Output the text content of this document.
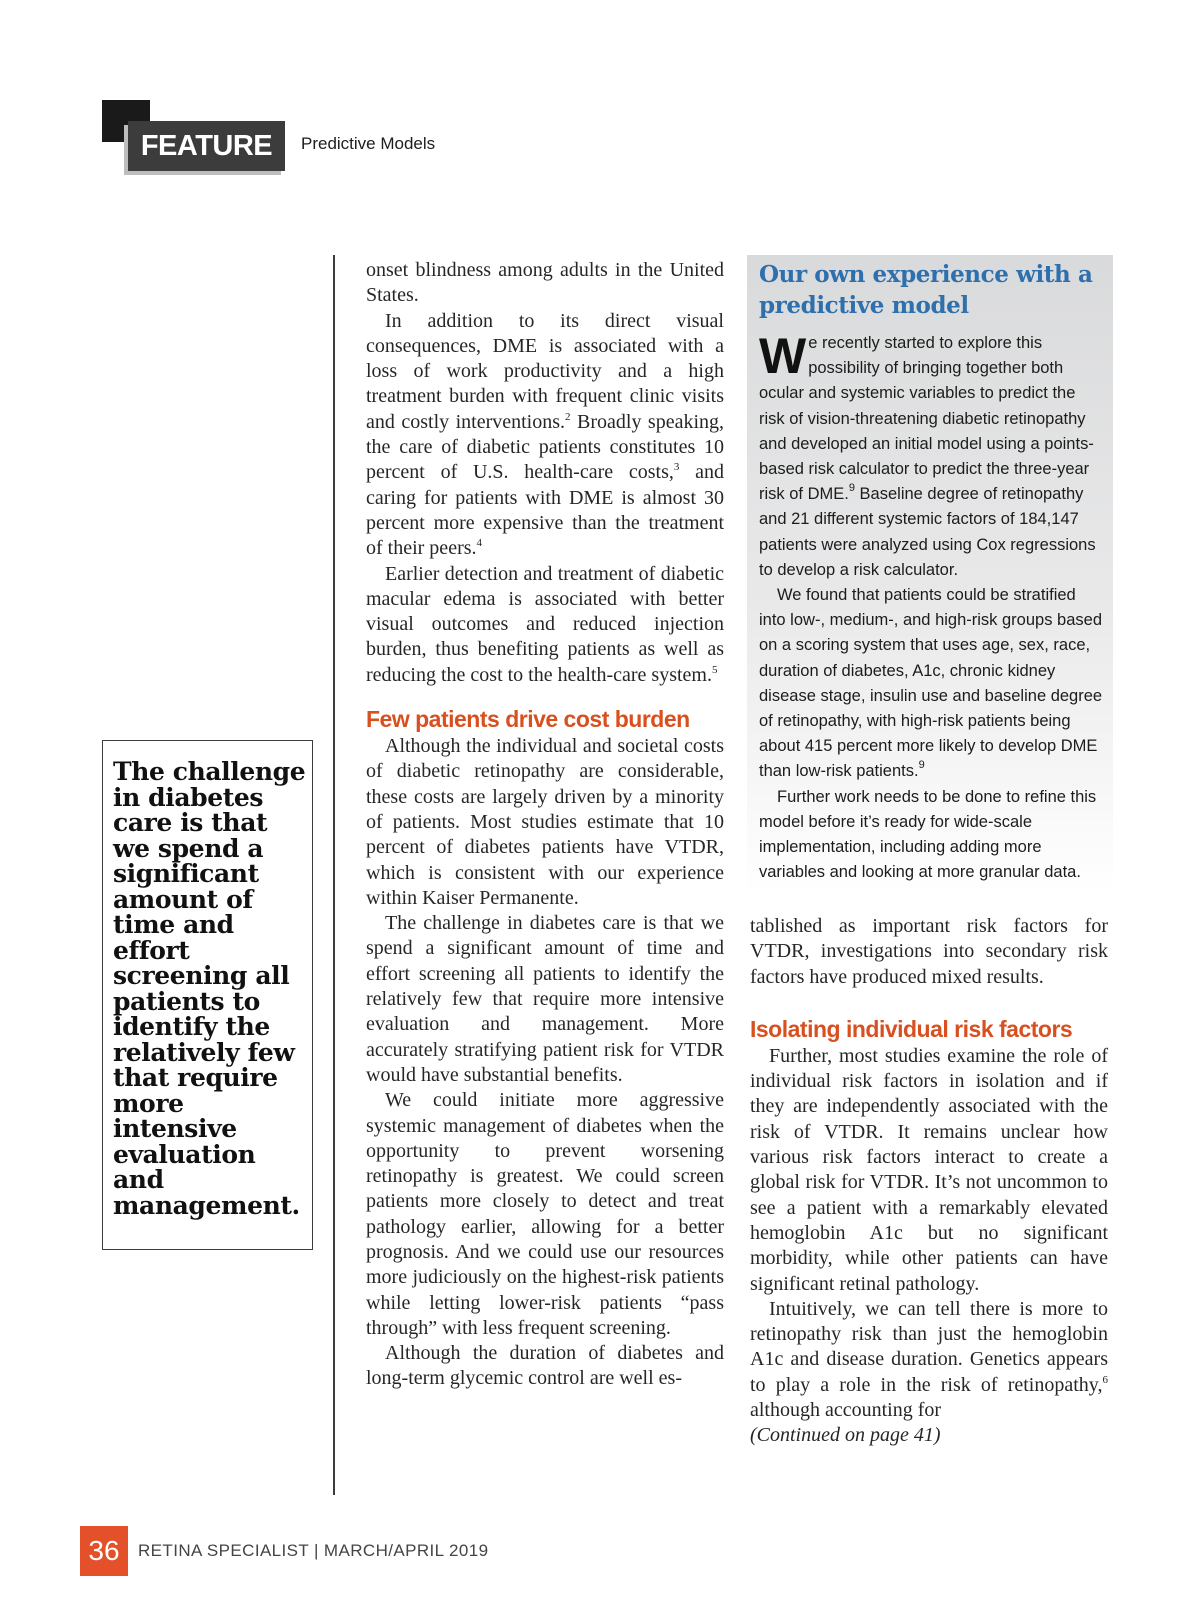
FEATURE	Predictive Models

The challenge in diabetes care is that we spend a significant amount of time and effort screening all patients to identify the relatively few that require more intensive evaluation and management.

onset blindness among adults in the United States.

In addition to its direct visual consequences, DME is associated with a loss of work productivity and a high treatment burden with frequent clinic visits and costly interventions.$^2$ Broadly speaking, the care of diabetic patients constitutes 10 percent of U.S. health-care costs,$^3$ and caring for patients with DME is almost 30 percent more expensive than the treatment of their peers.$^4$

Earlier detection and treatment of diabetic macular edema is associated with better visual outcomes and reduced injection burden, thus benefiting patients as well as reducing the cost to the health-care system.$^5$

Few patients drive cost burden

Although the individual and societal costs of diabetic retinopathy are considerable, these costs are largely driven by a minority of patients. Most studies estimate that 10 percent of diabetes patients have VTDR, which is consistent with our experience within Kaiser Permanente.

The challenge in diabetes care is that we spend a significant amount of time and effort screening all patients to identify the relatively few that require more intensive evaluation and management. More accurately stratifying patient risk for VTDR would have substantial benefits.

We could initiate more aggressive systemic management of diabetes when the opportunity to prevent worsening retinopathy is greatest. We could screen patients more closely to detect and treat pathology earlier, allowing for a better prognosis. And we could use our resources more judiciously on the highest-risk patients while letting lower-risk patients “pass through” with less frequent screening.

Although the duration of diabetes and long-term glycemic control are well es-

Our own experience with a predictive model

We recently started to explore this possibility of bringing together both ocular and systemic variables to predict the risk of vision-threatening diabetic retinopathy and developed an initial model using a points-based risk calculator to predict the three-year risk of DME.$^9$ Baseline degree of retinopathy and 21 different systemic factors of 184,147 patients were analyzed using Cox regressions to develop a risk calculator.

We found that patients could be stratified into low-, medium-, and high-risk groups based on a scoring system that uses age, sex, race, duration of diabetes, A1c, chronic kidney disease stage, insulin use and baseline degree of retinopathy, with high-risk patients being about 415 percent more likely to develop DME than low-risk patients.$^9$

Further work needs to be done to refine this model before it’s ready for wide-scale implementation, including adding more variables and looking at more granular data.

tablished as important risk factors for VTDR, investigations into secondary risk factors have produced mixed results.

Isolating individual risk factors

Further, most studies examine the role of individual risk factors in isolation and if they are independently associated with the risk of VTDR. It remains unclear how various risk factors interact to create a global risk for VTDR. It’s not uncommon to see a patient with a remarkably elevated hemoglobin A1c but no significant morbidity, while other patients can have significant retinal pathology.

Intuitively, we can tell there is more to retinopathy risk than just the hemoglobin A1c and disease duration. Genetics appears to play a role in the risk of retinopathy,$^6$ although accounting for

(Continued on page 41)

36	RETINA SPECIALIST | MARCH/APRIL 2019
